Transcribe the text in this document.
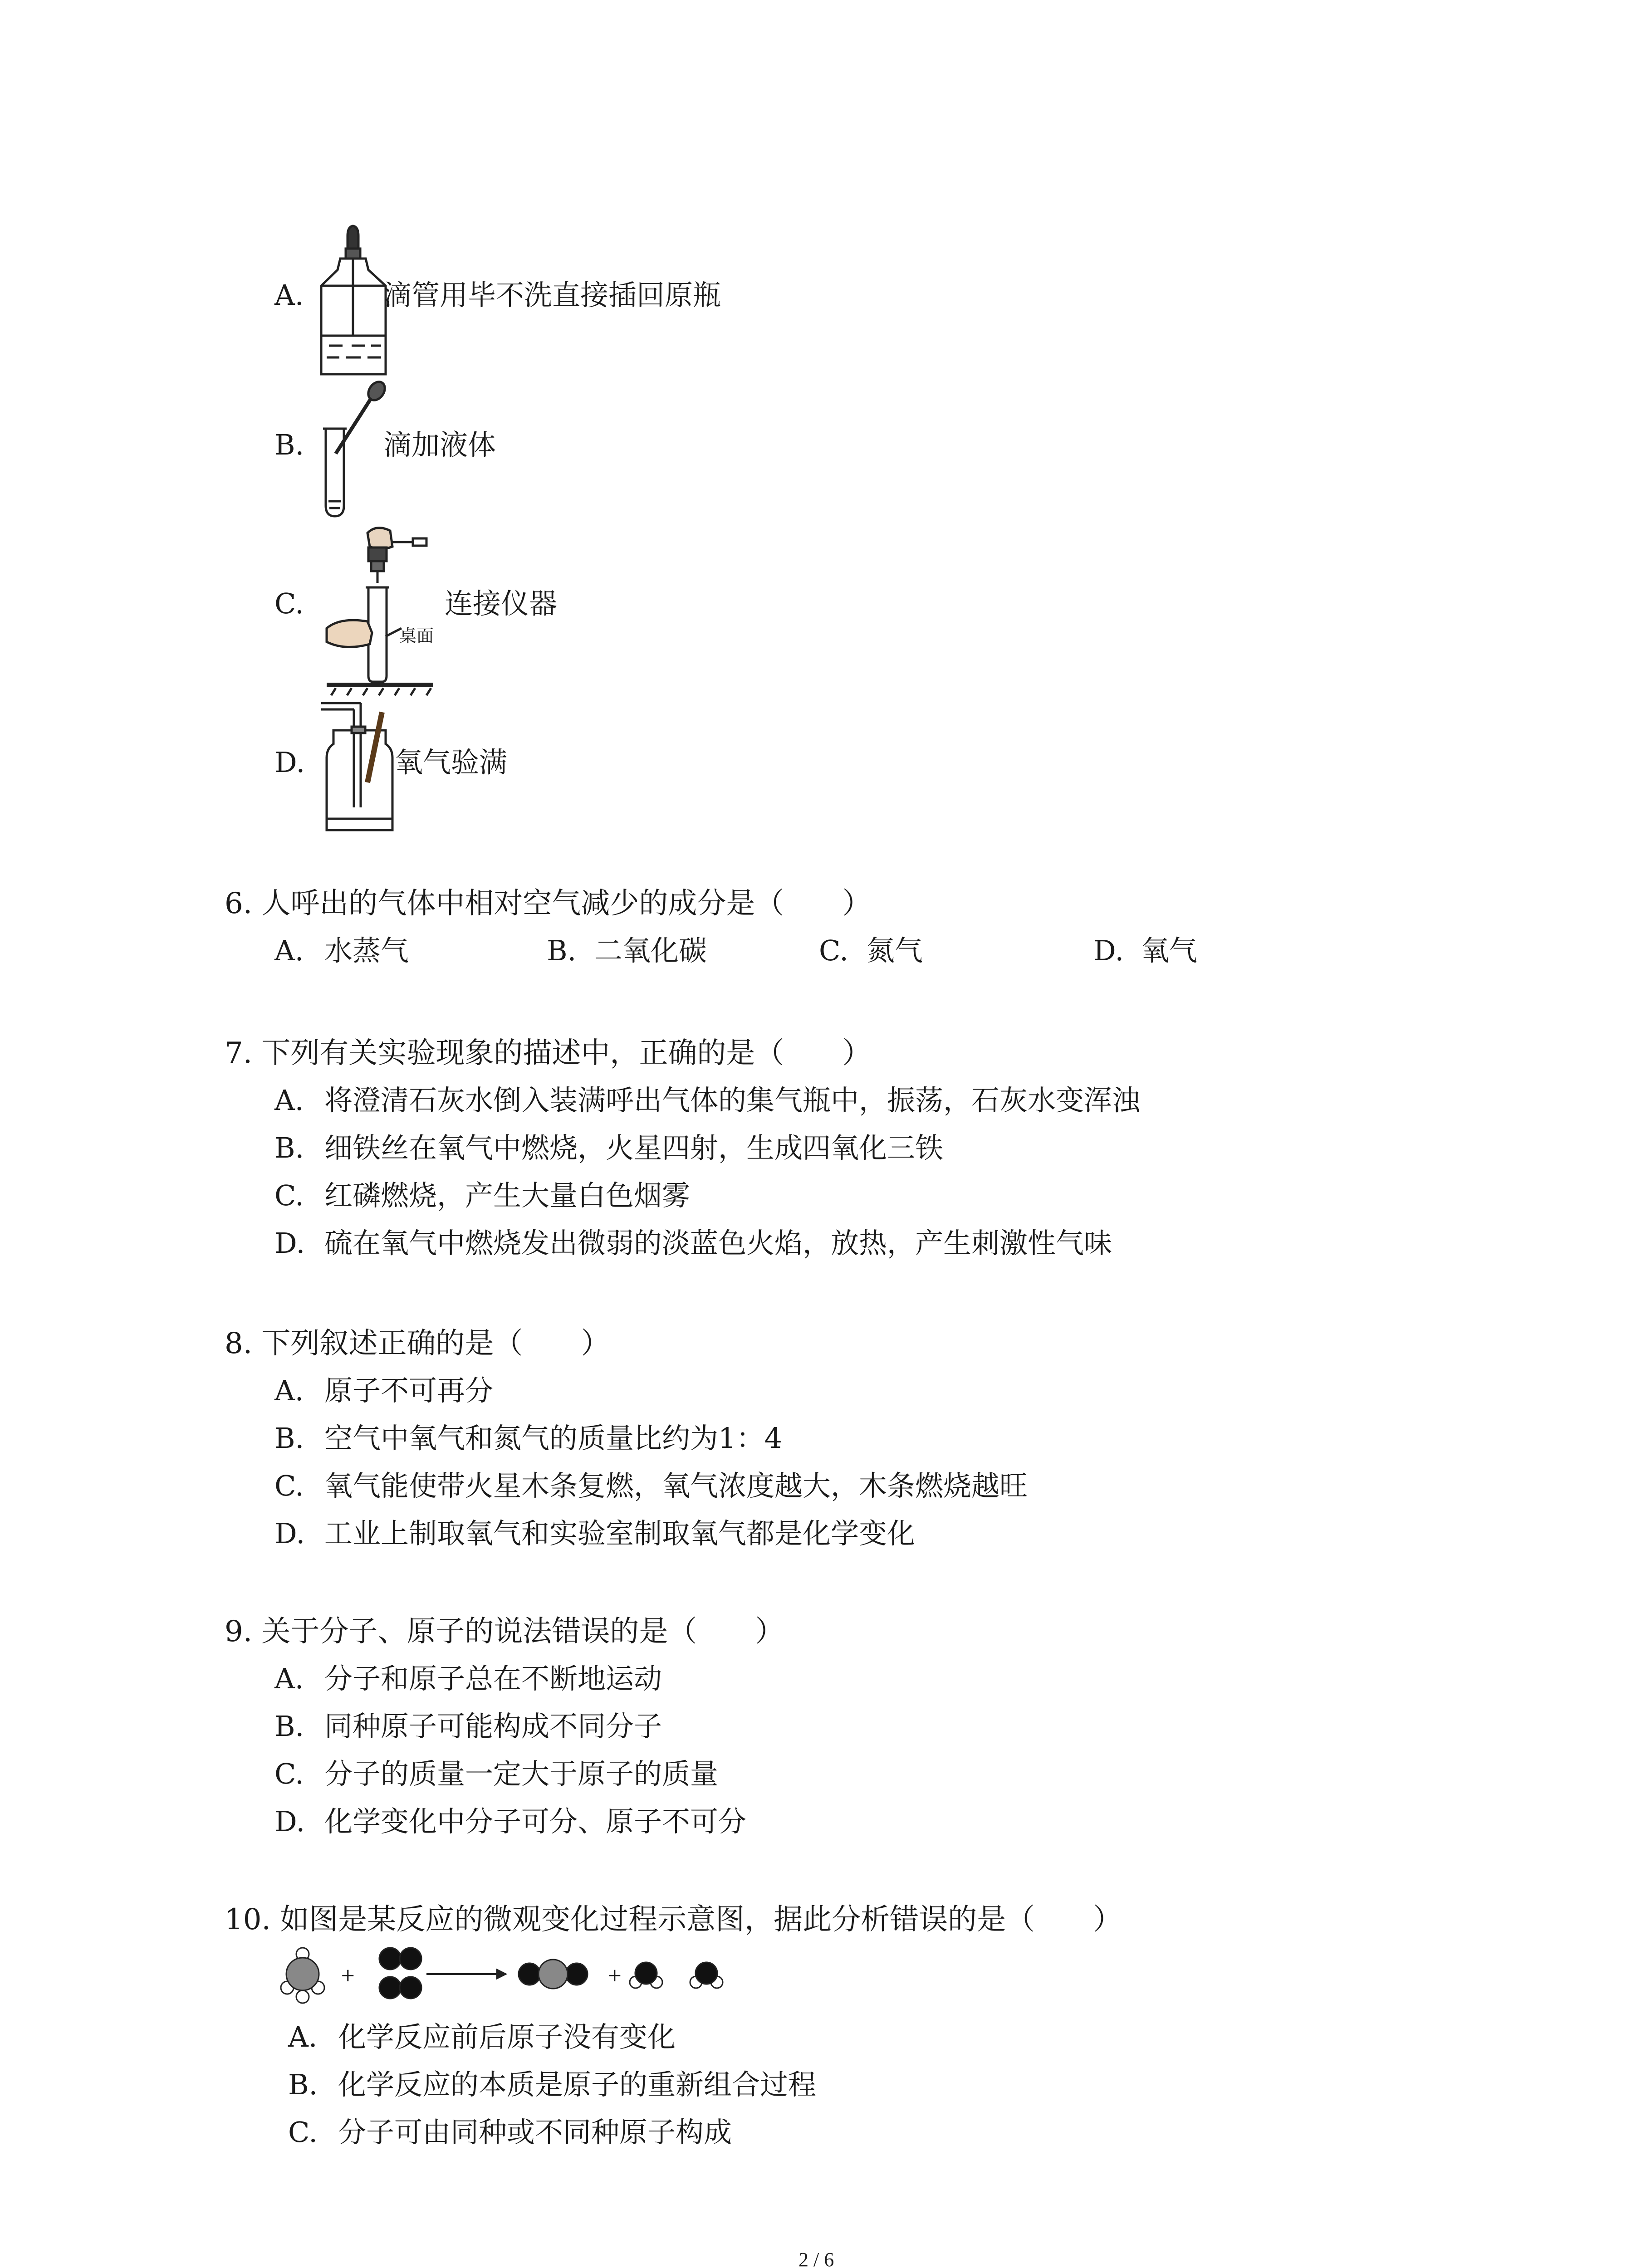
A.	滴管用毕不洗直接插回原瓶
B.	滴加液体
C.
桌面
连接仪器
D.	氧气验满
6. 人呼出的气体中相对空气减少的成分是（　　）
A. 水蒸气	B. 二氧化碳	C. 氮气	D. 氧气
7. 下列有关实验现象的描述中，正确的是（　　）
A. 将澄清石灰水倒入装满呼出气体的集气瓶中，振荡，石灰水变浑浊
B. 细铁丝在氧气中燃烧，火星四射，生成四氧化三铁
C. 红磷燃烧，产生大量白色烟雾
D. 硫在氧气中燃烧发出微弱的淡蓝色火焰，放热，产生刺激性气味
8. 下列叙述正确的是（　　）
A. 原子不可再分
B. 空气中氧气和氮气的质量比约为1：4
C. 氧气能使带火星木条复燃，氧气浓度越大，木条燃烧越旺
D. 工业上制取氧气和实验室制取氧气都是化学变化
9. 关于分子、原子的说法错误的是（　　）
A. 分子和原子总在不断地运动
B. 同种原子可能构成不同分子
C. 分子的质量一定大于原子的质量
D. 化学变化中分子可分、原子不可分
10. 如图是某反应的微观变化过程示意图，据此分析错误的是（　　）
+	+
A. 化学反应前后原子没有变化
B. 化学反应的本质是原子的重新组合过程
C. 分子可由同种或不同种原子构成
2 / 6
